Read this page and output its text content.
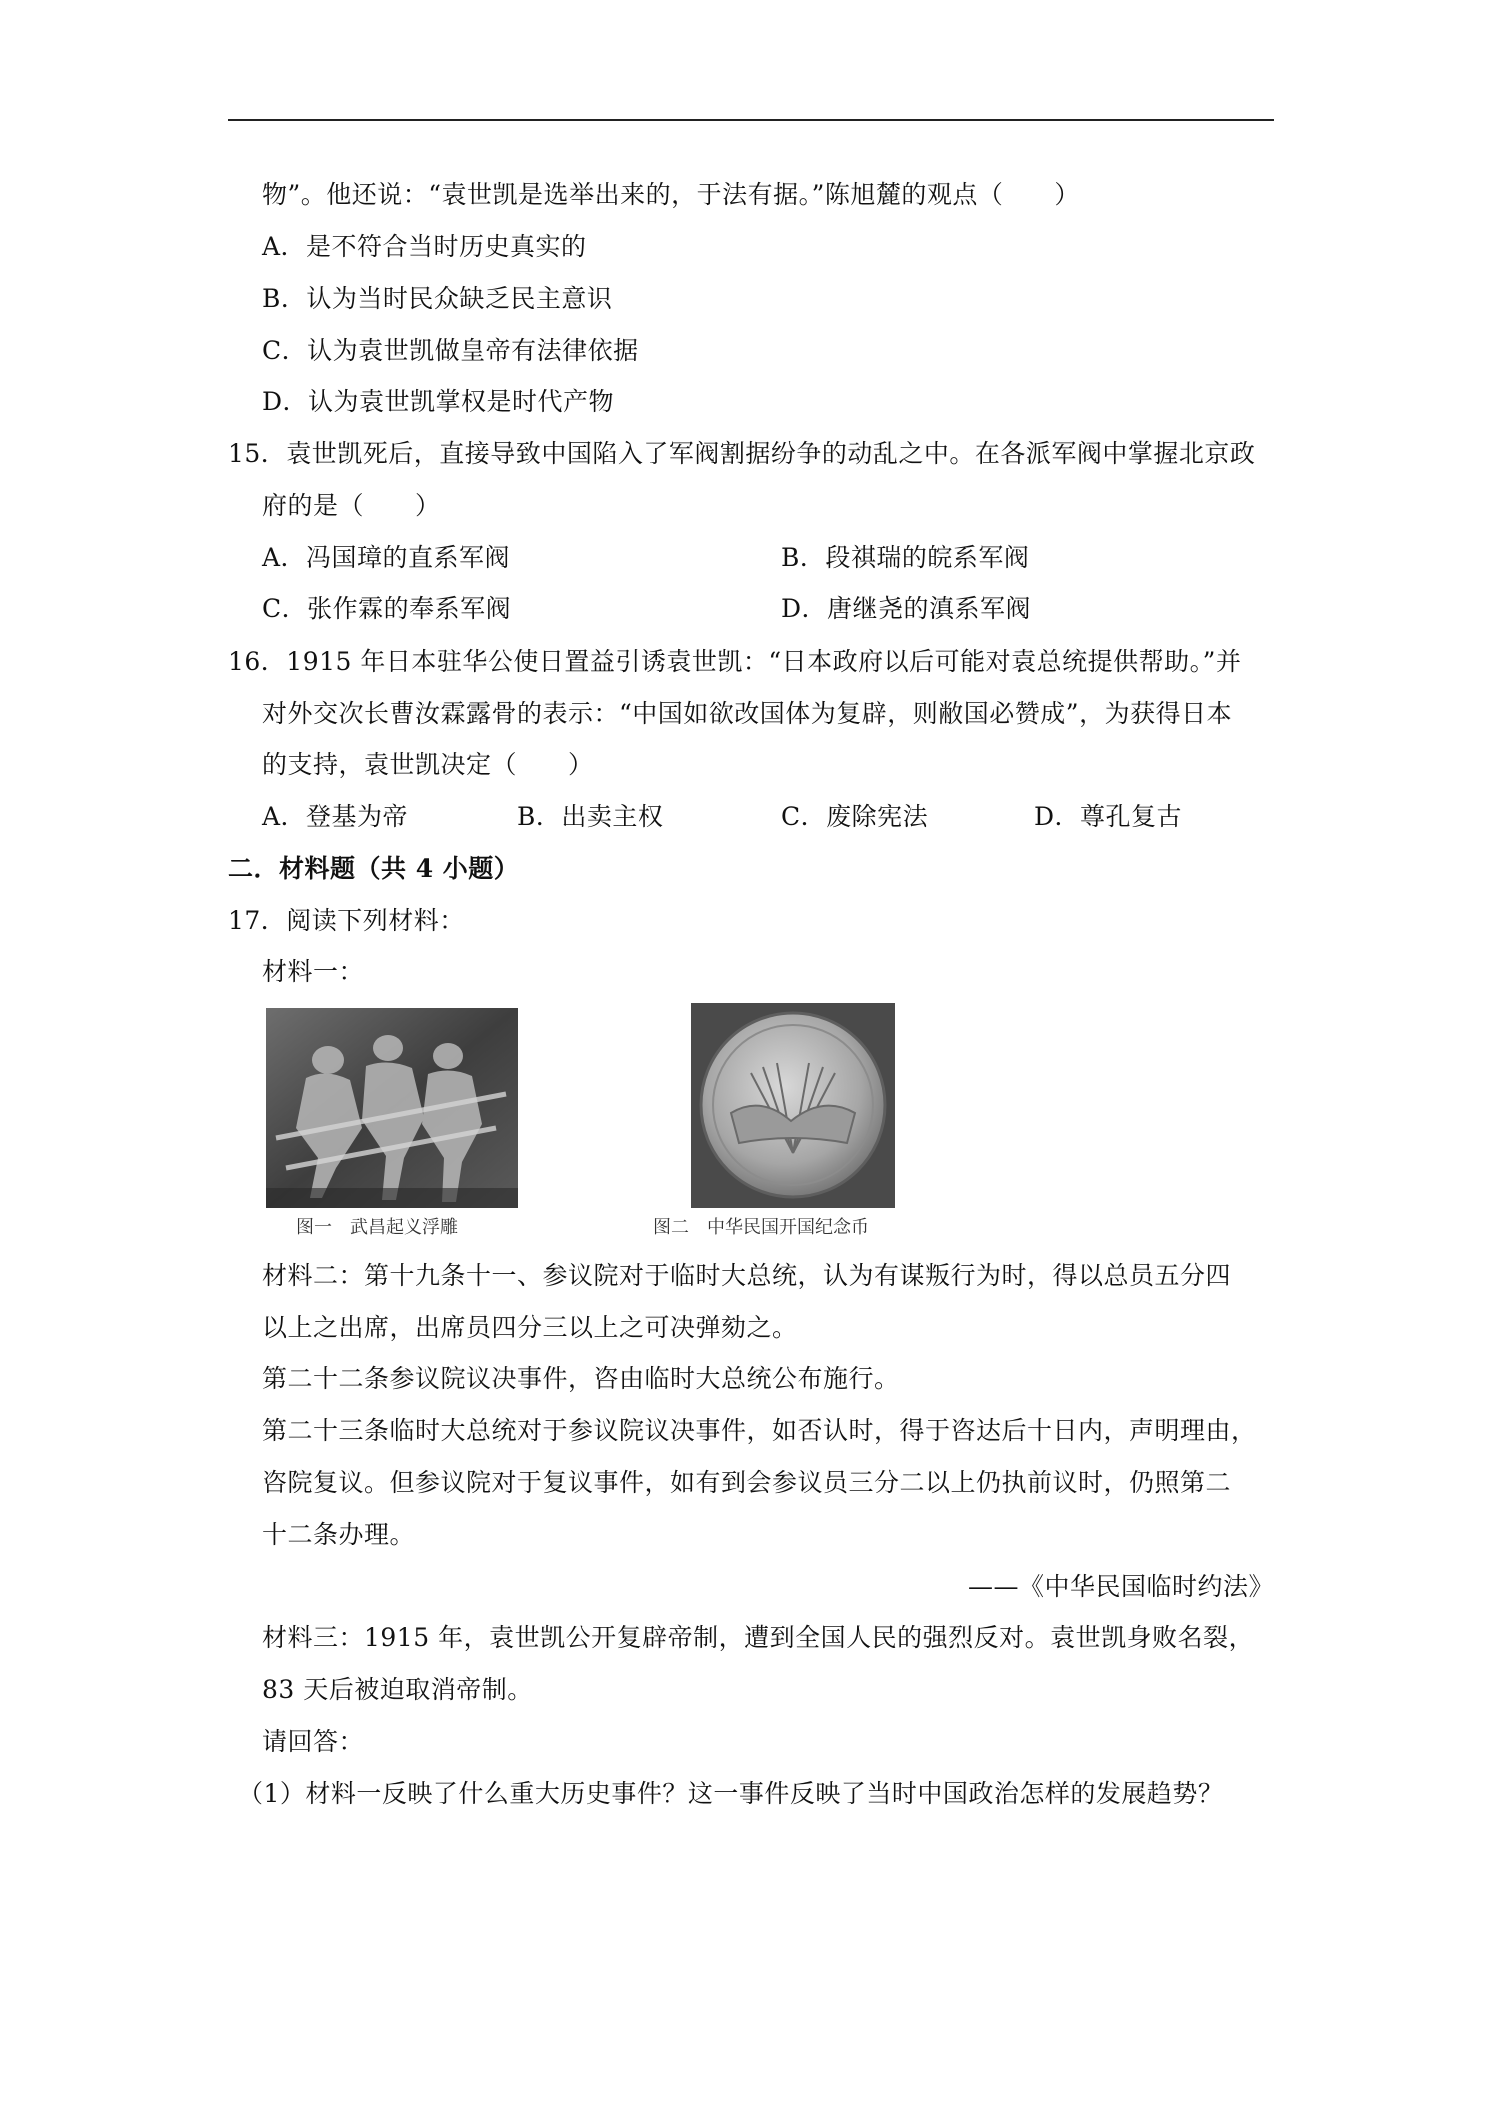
物”。他还说：“袁世凯是选举出来的，于法有据。”陈旭麓的观点（　　）
A．是不符合当时历史真实的
B．认为当时民众缺乏民主意识
C．认为袁世凯做皇帝有法律依据
D．认为袁世凯掌权是时代产物
15．袁世凯死后，直接导致中国陷入了军阀割据纷争的动乱之中。在各派军阀中掌握北京政
府的是（　　）
A．冯国璋的直系军阀	B．段祺瑞的皖系军阀
C．张作霖的奉系军阀	D．唐继尧的滇系军阀
16．1915 年日本驻华公使日置益引诱袁世凯：“日本政府以后可能对袁总统提供帮助。”并
对外交次长曹汝霖露骨的表示：“中国如欲改国体为复辟，则敝国必赞成”，为获得日本
的支持，袁世凯决定（　　）
A．登基为帝	B．出卖主权	C．废除宪法	D．尊孔复古
二．材料题（共 4 小题）
17．阅读下列材料：
材料一：
图一　武昌起义浮雕	图二　中华民国开国纪念币
材料二：第十九条十一、参议院对于临时大总统，认为有谋叛行为时，得以总员五分四
以上之出席，出席员四分三以上之可决弹劾之。
第二十二条参议院议决事件，咨由临时大总统公布施行。
第二十三条临时大总统对于参议院议决事件，如否认时，得于咨达后十日内，声明理由，
咨院复议。但参议院对于复议事件，如有到会参议员三分二以上仍执前议时，仍照第二
十二条办理。
——《中华民国临时约法》
材料三：1915 年，袁世凯公开复辟帝制，遭到全国人民的强烈反对。袁世凯身败名裂，
83 天后被迫取消帝制。
请回答：
（1）材料一反映了什么重大历史事件？这一事件反映了当时中国政治怎样的发展趋势？
